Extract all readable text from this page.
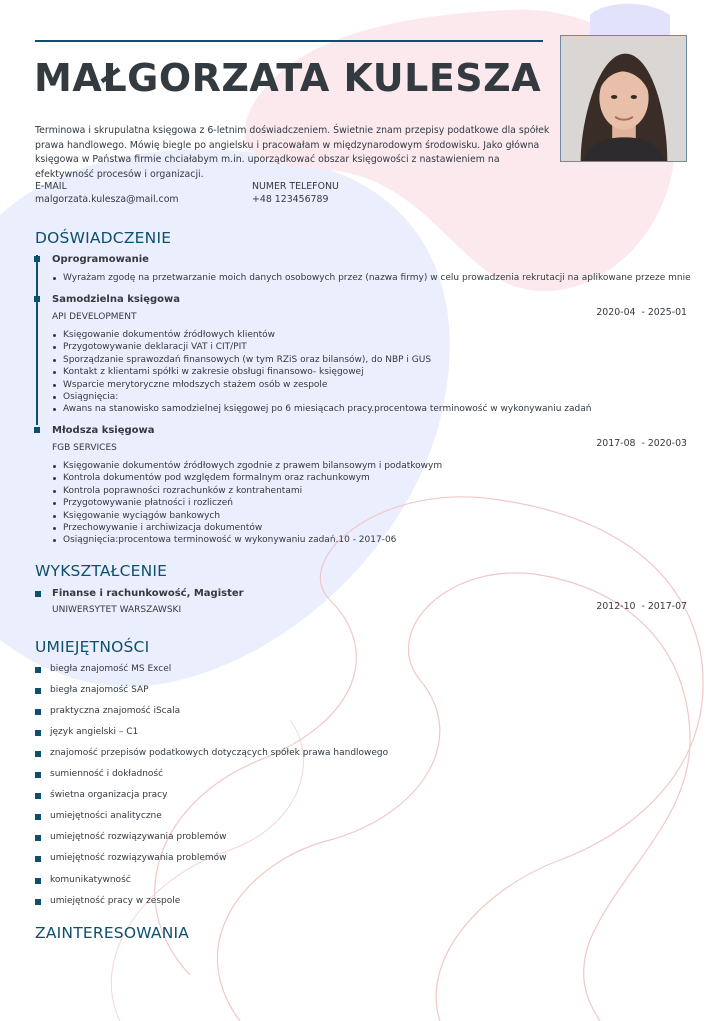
MAŁGORZATA KULESZA

Terminowa i skrupulatna księgowa z 6-letnim doświadczeniem. Świetnie znam przepisy podatkowe dla spółek prawa handlowego. Mówię biegle po angielsku i pracowałam w międzynarodowym środowisku. Jako główna księgowa w Państwa firmie chciałabym m.in. uporządkować obszar księgowości z nastawieniem na efektywność procesów i organizacji.

E-MAIL
malgorzata.kulesza@mail.com
NUMER TELEFONU
+48 123456789
DOŚWIADCZENIE
Oprogramowanie
Wyrażam zgodę na przetwarzanie moich danych osobowych przez (nazwa firmy) w celu prowadzenia rekrutacji na aplikowane przeze mnie
Samodzielna księgowa
API DEVELOPMENT	2020-04  - 2025-01
Księgowanie dokumentów źródłowych klientów
Przygotowywanie deklaracji VAT i CIT/PIT
Sporządzanie sprawozdań finansowych (w tym RZiS oraz bilansów), do NBP i GUS
Kontakt z klientami spółki w zakresie obsługi finansowo- księgowej
Wsparcie merytoryczne młodszych stażem osób w zespole
Osiągnięcia:
Awans na stanowisko samodzielnej księgowej po 6 miesiącach pracy.procentowa terminowość w wykonywaniu zadań
Młodsza księgowa
FGB SERVICES	2017-08  - 2020-03
Księgowanie dokumentów źródłowych zgodnie z prawem bilansowym i podatkowym
Kontrola dokumentów pod względem formalnym oraz rachunkowym
Kontrola poprawności rozrachunków z kontrahentami
Przygotowywanie płatności i rozliczeń
Księgowanie wyciągów bankowych
Przechowywanie i archiwizacja dokumentów
Osiągnięcia:procentowa terminowość w wykonywaniu zadań.10 - 2017-06
WYKSZTAŁCENIE
Finanse i rachunkowość, Magister
UNIWERSYTET WARSZAWSKI	2012-10  - 2017-07
UMIEJĘTNOŚCI
biegła znajomość MS Excel
biegła znajomość SAP
praktyczna znajomość iScala
język angielski – C1
znajomość przepisów podatkowych dotyczących spółek prawa handlowego
sumienność i dokładność
świetna organizacja pracy
umiejętności analityczne
umiejętność rozwiązywania problemów
umiejętność rozwiązywania problemów
komunikatywność
umiejętność pracy w zespole
ZAINTERESOWANIA
